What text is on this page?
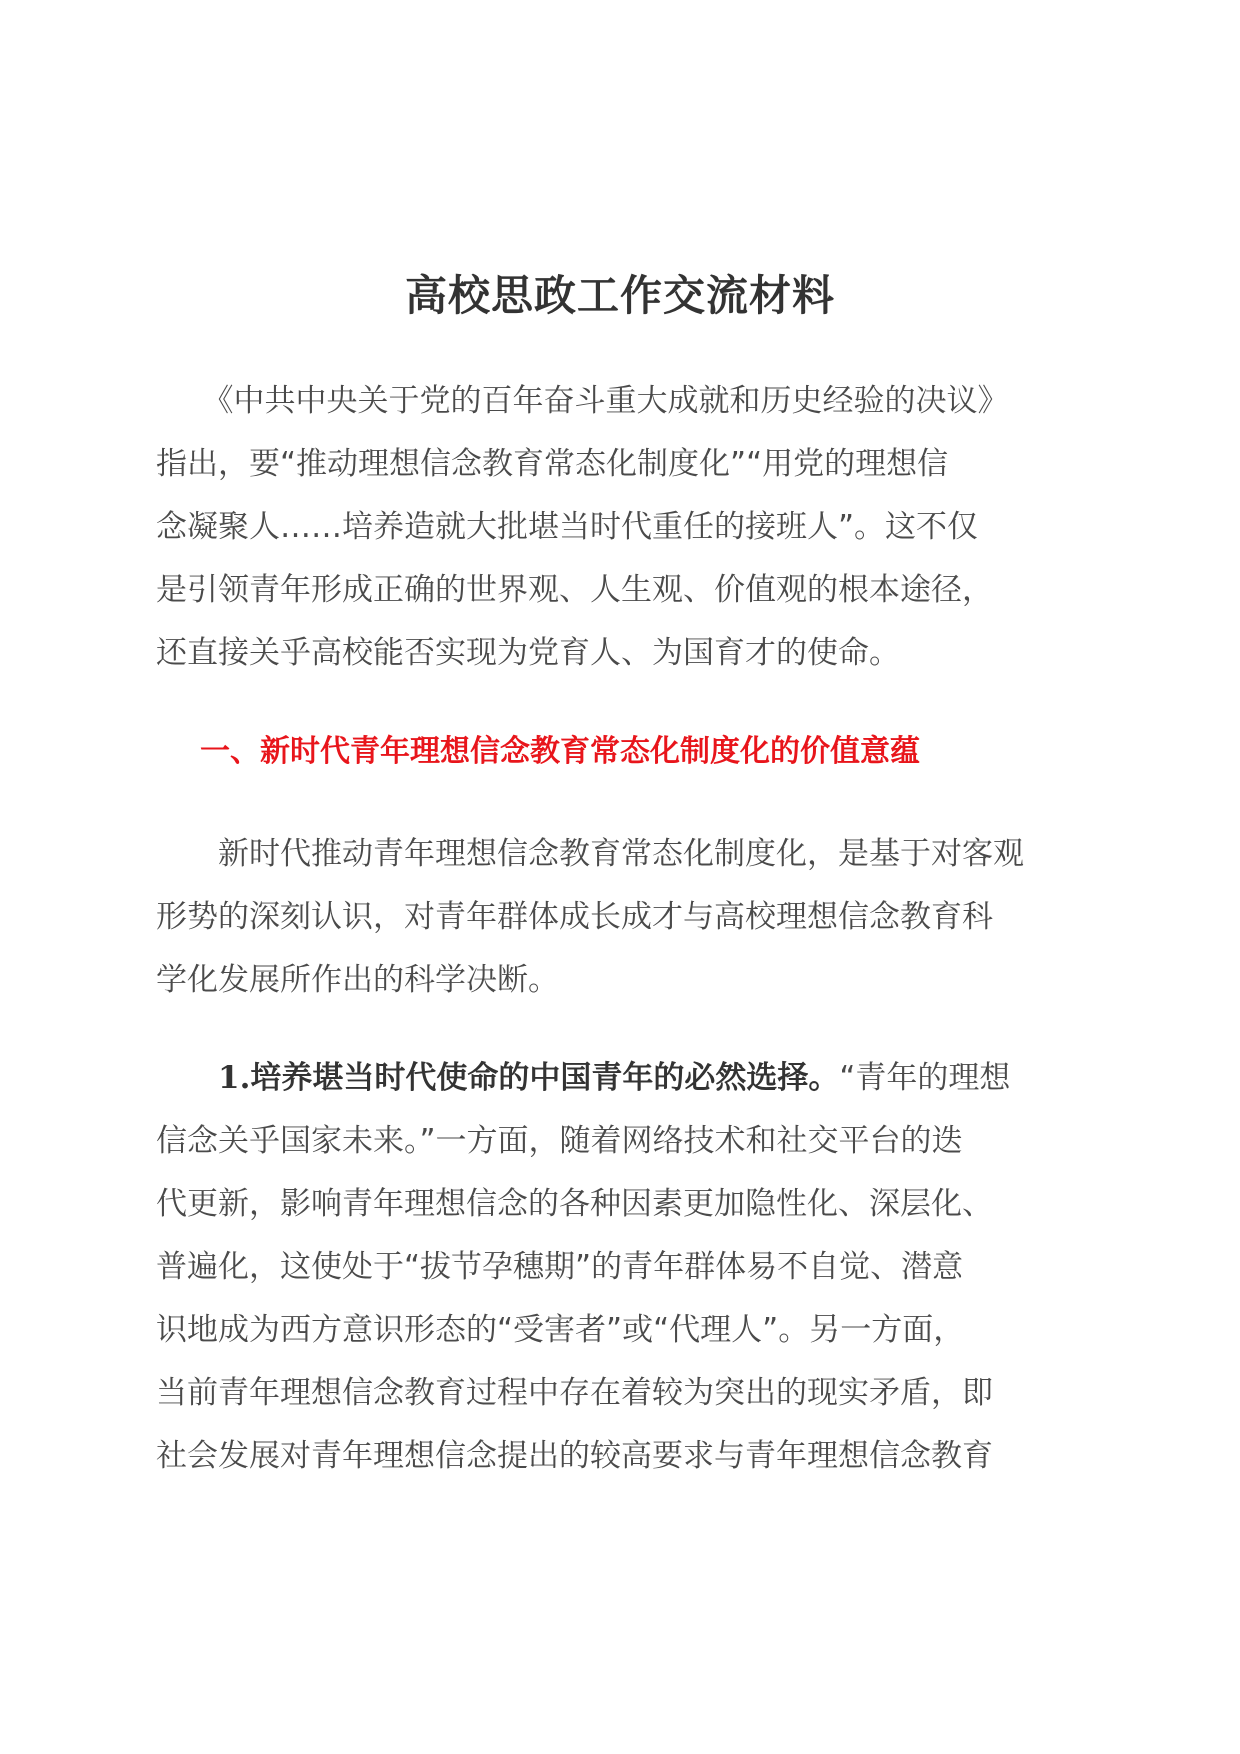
高校思政工作交流材料
　　《中共中央关于党的百年奋斗重大成就和历史经验的决议》
指出，要“推动理想信念教育常态化制度化”“用党的理想信
念凝聚人……培养造就大批堪当时代重任的接班人”。这不仅
是引领青年形成正确的世界观、人生观、价值观的根本途径，
还直接关乎高校能否实现为党育人、为国育才的使命。
一、新时代青年理想信念教育常态化制度化的价值意蕴
　　新时代推动青年理想信念教育常态化制度化，是基于对客观
形势的深刻认识，对青年群体成长成才与高校理想信念教育科
学化发展所作出的科学决断。
　　1.培养堪当时代使命的中国青年的必然选择。“青年的理想
信念关乎国家未来。”一方面，随着网络技术和社交平台的迭
代更新，影响青年理想信念的各种因素更加隐性化、深层化、
普遍化，这使处于“拔节孕穗期”的青年群体易不自觉、潜意
识地成为西方意识形态的“受害者”或“代理人”。另一方面，
当前青年理想信念教育过程中存在着较为突出的现实矛盾，即
社会发展对青年理想信念提出的较高要求与青年理想信念教育
